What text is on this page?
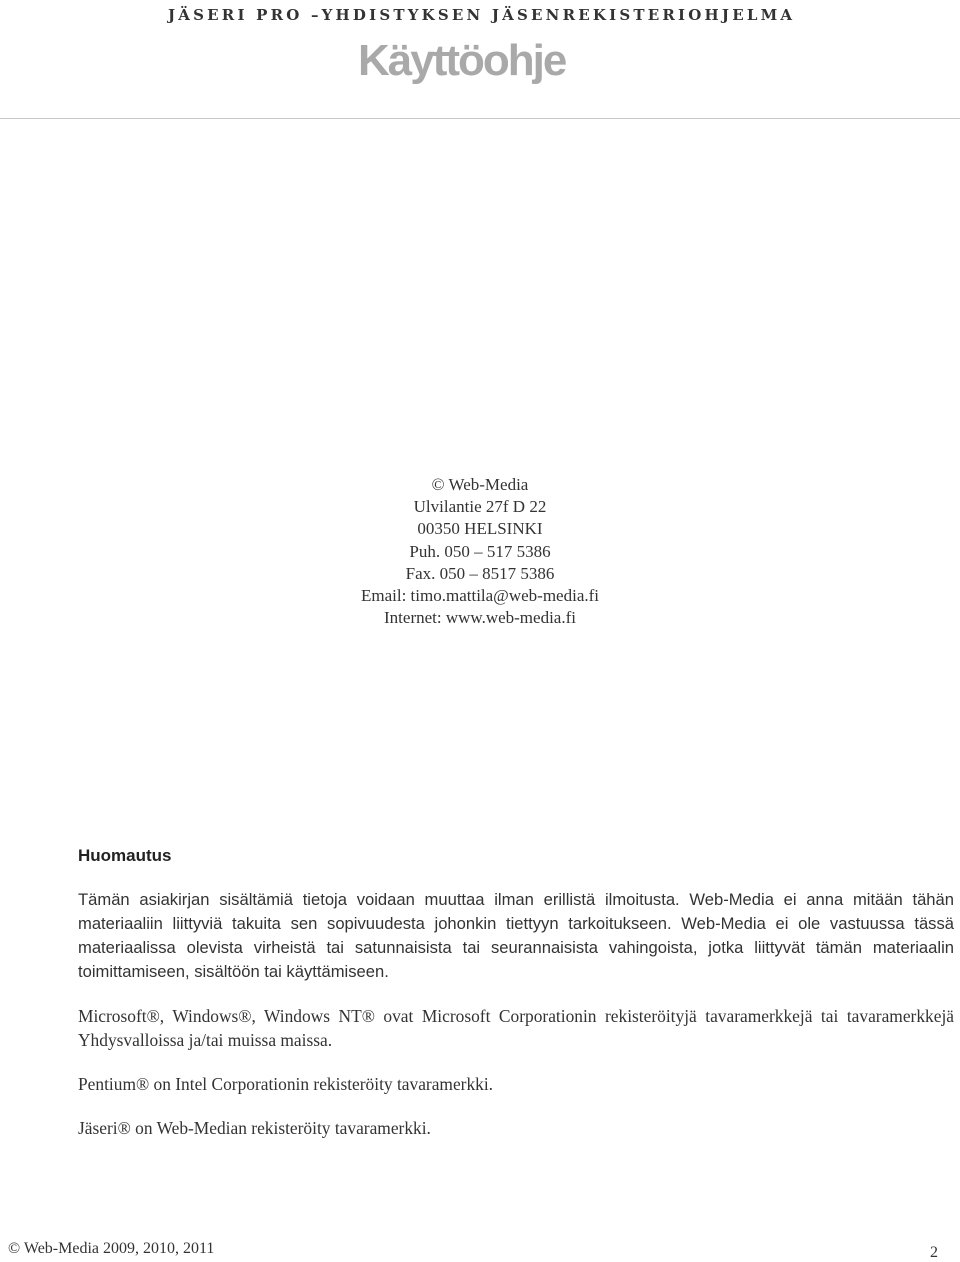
JÄSERI PRO –YHDISTYKSEN JÄSENREKISTERIOHJELMA
Käyttöohje
© Web-Media
Ulvilantie 27f D 22
00350 HELSINKI
Puh. 050 – 517 5386
Fax. 050 – 8517 5386
Email: timo.mattila@web-media.fi
Internet: www.web-media.fi
Huomautus

Tämän asiakirjan sisältämiä tietoja voidaan muuttaa ilman erillistä ilmoitusta. Web-Media ei anna mitään tähän materiaaliin liittyviä takuita sen sopivuudesta johonkin tiettyyn tarkoitukseen. Web-Media ei ole vastuussa tässä materiaalissa olevista virheistä tai satunnaisista tai seurannaisista vahingoista, jotka liittyvät tämän materiaalin toimittamiseen, sisältöön tai käyttämiseen.

Microsoft®, Windows®, Windows NT® ovat Microsoft Corporationin rekisteröityjä tavaramerkkejä tai tavaramerkkejä Yhdysvalloissa ja/tai muissa maissa.

Pentium® on Intel Corporationin rekisteröity tavaramerkki.

Jäseri® on Web-Median rekisteröity tavaramerkki.

© Web-Media 2009, 2010, 2011	2
